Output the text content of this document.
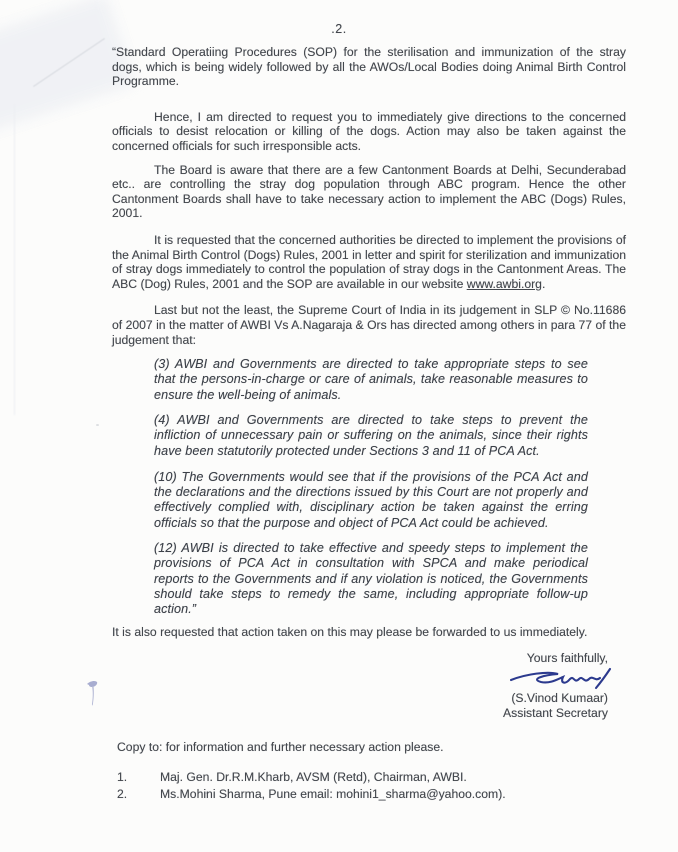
.2.

“Standard Operatiing Procedures (SOP) for the sterilisation and immunization of the stray dogs, which is being widely followed by all the AWOs/Local Bodies doing Animal Birth Control Programme.

Hence, I am directed to request you to immediately give directions to the concerned officials to desist relocation or killing of the dogs. Action may also be taken against the concerned officials for such irresponsible acts.

The Board is aware that there are a few Cantonment Boards at Delhi, Secunderabad etc.. are controlling the stray dog population through ABC program. Hence the other Cantonment Boards shall have to take necessary action to implement the ABC (Dogs) Rules, 2001.

It is requested that the concerned authorities be directed to implement the provisions of the Animal Birth Control (Dogs) Rules, 2001 in letter and spirit for sterilization and immunization of stray dogs immediately to control the population of stray dogs in the Cantonment Areas. The ABC (Dog) Rules, 2001 and the SOP are available in our website www.awbi.org.

Last but not the least, the Supreme Court of India in its judgement in SLP © No.11686 of 2007 in the matter of AWBI Vs A.Nagaraja & Ors has directed among others in para 77 of the judgement that:

(3) AWBI and Governments are directed to take appropriate steps to see that the persons-in-charge or care of animals, take reasonable measures to ensure the well-being of animals.

(4) AWBI and Governments are directed to take steps to prevent the infliction of unnecessary pain or suffering on the animals, since their rights have been statutorily protected under Sections 3 and 11 of PCA Act.

(10) The Governments would see that if the provisions of the PCA Act and the declarations and the directions issued by this Court are not properly and effectively complied with, disciplinary action be taken against the erring officials so that the purpose and object of PCA Act could be achieved.

(12) AWBI is directed to take effective and speedy steps to implement the provisions of PCA Act in consultation with SPCA and make periodical reports to the Governments and if any violation is noticed, the Governments should take steps to remedy the same, including appropriate follow-up action.”

It is also requested that action taken on this may please be forwarded to us immediately.

Yours faithfully,
(S.Vinod Kumaar)
Assistant Secretary
Copy to: for information and further necessary action please.
1.	Maj. Gen. Dr.R.M.Kharb, AVSM (Retd), Chairman, AWBI.
2.	Ms.Mohini Sharma, Pune email: mohini1_sharma@yahoo.com).
